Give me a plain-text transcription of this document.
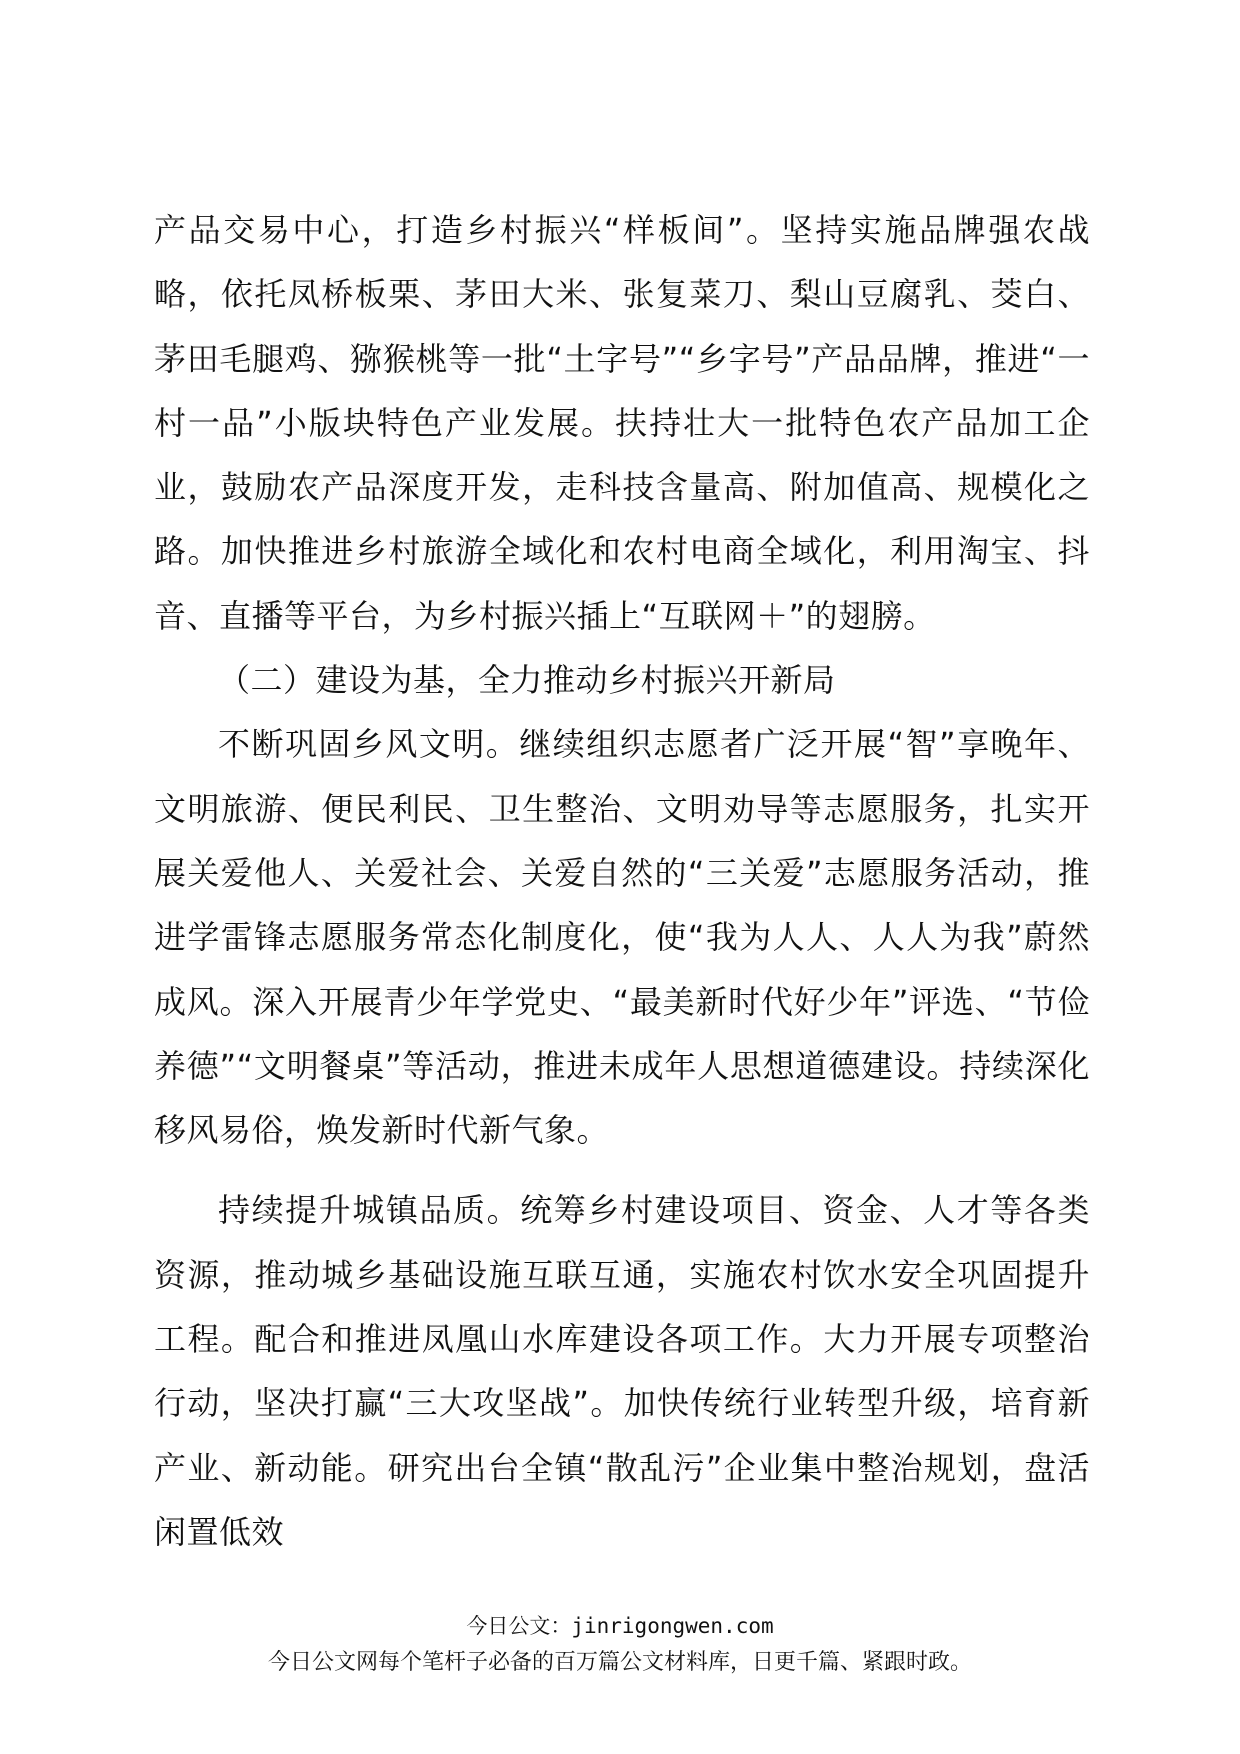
产品交易中心，打造乡村振兴“样板间”。坚持实施品牌强农战略，依托凤桥板栗、茅田大米、张复菜刀、梨山豆腐乳、茭白、茅田毛腿鸡、猕猴桃等一批“土字号”“乡字号”产品品牌，推进“一村一品”小版块特色产业发展。扶持壮大一批特色农产品加工企业，鼓励农产品深度开发，走科技含量高、附加值高、规模化之路。加快推进乡村旅游全域化和农村电商全域化，利用淘宝、抖音、直播等平台，为乡村振兴插上“互联网＋”的翅膀。

（二）建设为基，全力推动乡村振兴开新局

不断巩固乡风文明。继续组织志愿者广泛开展“智”享晚年、文明旅游、便民利民、卫生整治、文明劝导等志愿服务，扎实开展关爱他人、关爱社会、关爱自然的“三关爱”志愿服务活动，推进学雷锋志愿服务常态化制度化，使“我为人人、人人为我”蔚然成风。深入开展青少年学党史、“最美新时代好少年”评选、“节俭养德”“文明餐桌”等活动，推进未成年人思想道德建设。持续深化移风易俗，焕发新时代新气象。

持续提升城镇品质。统筹乡村建设项目、资金、人才等各类资源，推动城乡基础设施互联互通，实施农村饮水安全巩固提升工程。配合和推进凤凰山水库建设各项工作。大力开展专项整治行动，坚决打赢“三大攻坚战”。加快传统行业转型升级，培育新产业、新动能。研究出台全镇“散乱污”企业集中整治规划，盘活闲置低效

今日公文：jinrigongwen.com
今日公文网每个笔杆子必备的百万篇公文材料库，日更千篇、紧跟时政。
